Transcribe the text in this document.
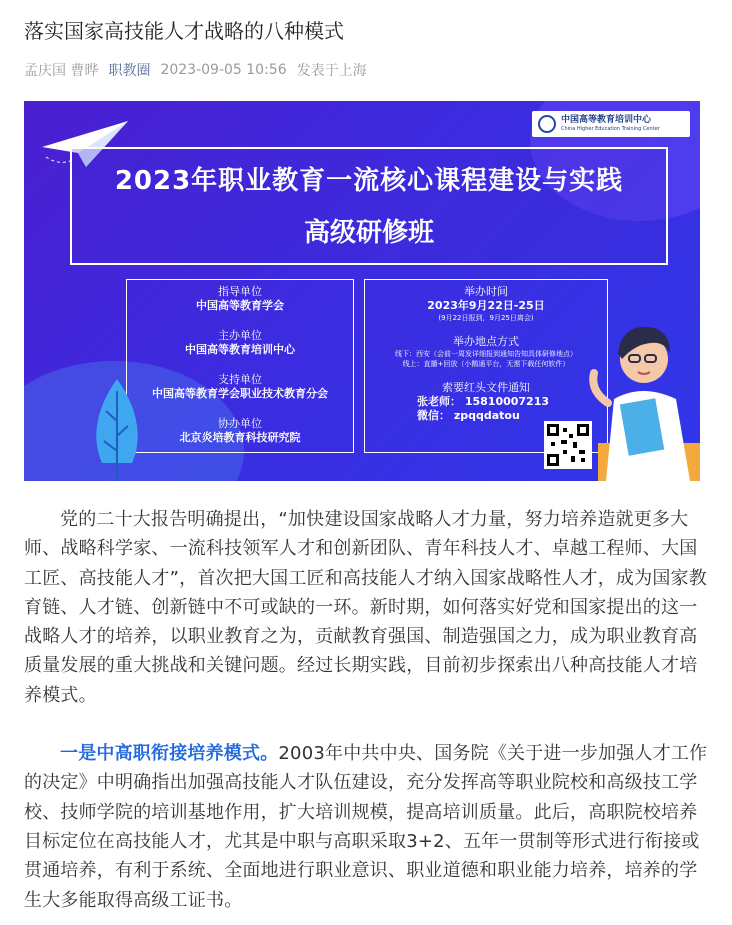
落实国家高技能人才战略的八种模式
孟庆国 曹晔 职教圈 2023-09-05 10:56 发表于上海
中国高等教育培训中心
China Higher Education Training Center
2023年职业教育一流核心课程建设与实践
高级研修班
指导单位
中国高等教育学会
主办单位
中国高等教育培训中心
支持单位
中国高等教育学会职业技术教育分会
协办单位
北京炎培教育科技研究院
举办时间
2023年9月22日-25日
(9月22日报到，9月25日离会)
举办地点方式
线下：西安（会前一周发详细报到通知告知具体研修地点）
线上：直播+回放（小鹅通平台，无需下载任何软件）
索要红头文件通知
张老师： 15810007213
微信： zpqqdatou

党的二十大报告明确提出，“加快建设国家战略人才力量，努力培养造就更多大师、战略科学家、一流科技领军人才和创新团队、青年科技人才、卓越工程师、大国工匠、高技能人才”，首次把大国工匠和高技能人才纳入国家战略性人才，成为国家教育链、人才链、创新链中不可或缺的一环。新时期，如何落实好党和国家提出的这一战略人才的培养，以职业教育之为，贡献教育强国、制造强国之力，成为职业教育高质量发展的重大挑战和关键问题。经过长期实践，目前初步探索出八种高技能人才培养模式。

一是中高职衔接培养模式。2003年中共中央、国务院《关于进一步加强人才工作的决定》中明确指出加强高技能人才队伍建设，充分发挥高等职业院校和高级技工学校、技师学院的培训基地作用，扩大培训规模，提高培训质量。此后，高职院校培养目标定位在高技能人才，尤其是中职与高职采取3+2、五年一贯制等形式进行衔接或贯通培养，有利于系统、全面地进行职业意识、职业道德和职业能力培养，培养的学生大多能取得高级工证书。
